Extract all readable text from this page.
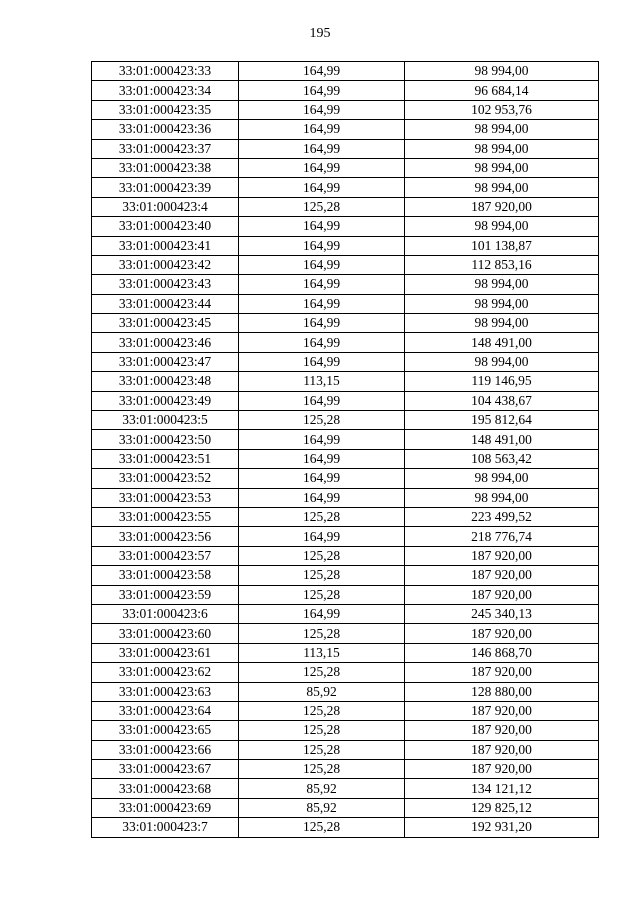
195
33:01:000423:33	164,99	98 994,00
33:01:000423:34	164,99	96 684,14
33:01:000423:35	164,99	102 953,76
33:01:000423:36	164,99	98 994,00
33:01:000423:37	164,99	98 994,00
33:01:000423:38	164,99	98 994,00
33:01:000423:39	164,99	98 994,00
33:01:000423:4	125,28	187 920,00
33:01:000423:40	164,99	98 994,00
33:01:000423:41	164,99	101 138,87
33:01:000423:42	164,99	112 853,16
33:01:000423:43	164,99	98 994,00
33:01:000423:44	164,99	98 994,00
33:01:000423:45	164,99	98 994,00
33:01:000423:46	164,99	148 491,00
33:01:000423:47	164,99	98 994,00
33:01:000423:48	113,15	119 146,95
33:01:000423:49	164,99	104 438,67
33:01:000423:5	125,28	195 812,64
33:01:000423:50	164,99	148 491,00
33:01:000423:51	164,99	108 563,42
33:01:000423:52	164,99	98 994,00
33:01:000423:53	164,99	98 994,00
33:01:000423:55	125,28	223 499,52
33:01:000423:56	164,99	218 776,74
33:01:000423:57	125,28	187 920,00
33:01:000423:58	125,28	187 920,00
33:01:000423:59	125,28	187 920,00
33:01:000423:6	164,99	245 340,13
33:01:000423:60	125,28	187 920,00
33:01:000423:61	113,15	146 868,70
33:01:000423:62	125,28	187 920,00
33:01:000423:63	85,92	128 880,00
33:01:000423:64	125,28	187 920,00
33:01:000423:65	125,28	187 920,00
33:01:000423:66	125,28	187 920,00
33:01:000423:67	125,28	187 920,00
33:01:000423:68	85,92	134 121,12
33:01:000423:69	85,92	129 825,12
33:01:000423:7	125,28	192 931,20
